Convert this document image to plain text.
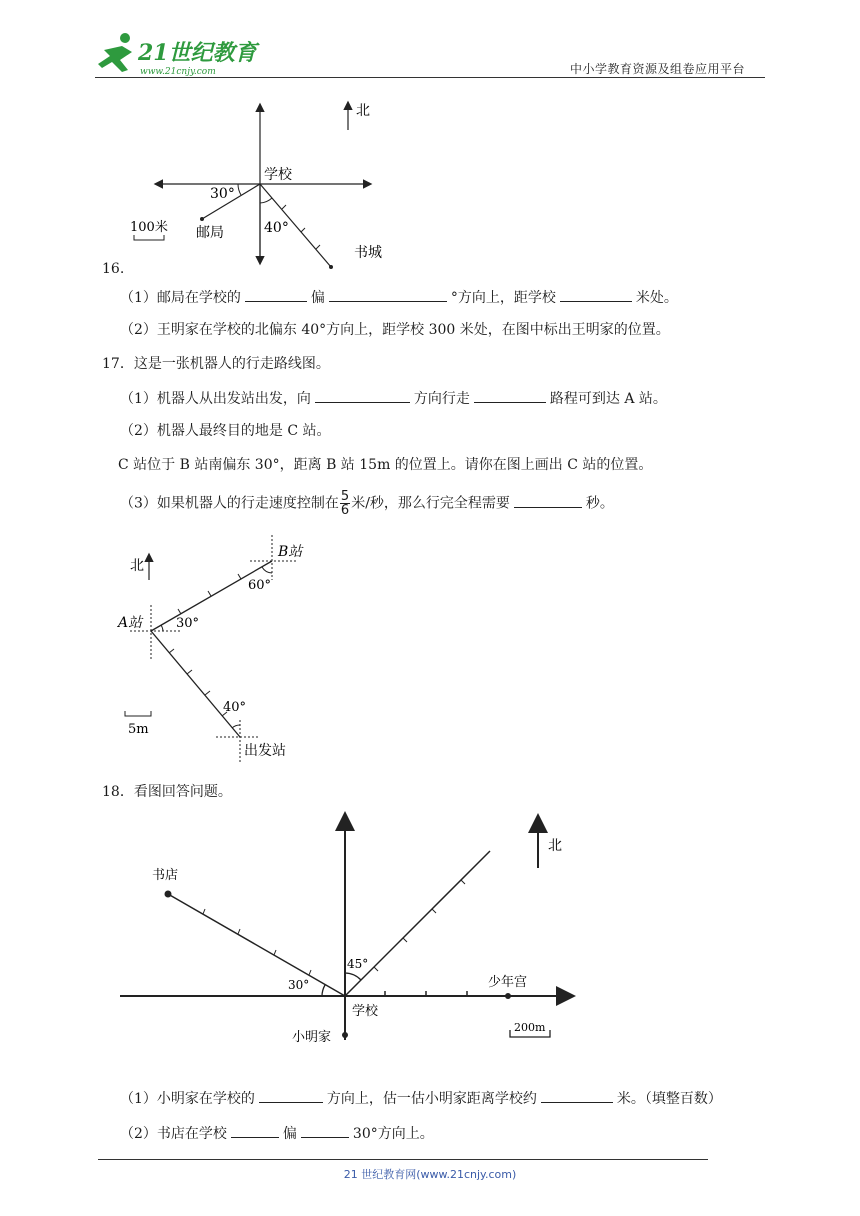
21世纪教育
www.21cnjy.com	中小学教育资源及组卷应用平台
北
学校
30°
40°
邮局
书城
100米
16.
（1）邮局在学校的	偏	°方向上，距学校	米处。
（2）王明家在学校的北偏东 40°方向上，距学校 300 米处，在图中标出王明家的位置。
17．这是一张机器人的行走路线图。
（1）机器人从出发站出发，向	方向行走	路程可到达 A 站。
（2）机器人最终目的地是 C 站。
C 站位于 B 站南偏东 30°，距离 B 站 15m 的位置上。请你在图上画出 C 站的位置。
（3）如果机器人的行走速度控制在 $\frac{5}{6}$ 米/秒，那么行完全程需要	秒。
北
B站
60°
A站	30°
40°
出发站
5m
18．看图回答问题。
北
书店
45°
30°
学校
少年宫
小明家
200m
（1）小明家在学校的	方向上，估一估小明家距离学校约	米。（填整百数）
（2）书店在学校	偏	30°方向上。
21 世纪教育网(www.21cnjy.com)
